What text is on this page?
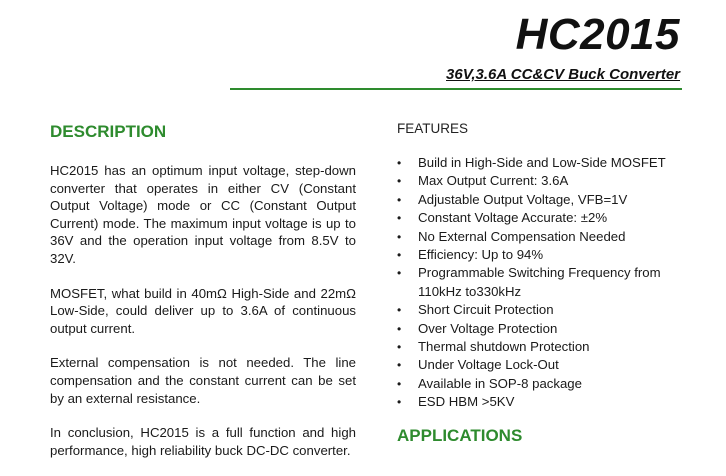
HC2015
36V,3.6A CC&CV Buck Converter
DESCRIPTION

HC2015 has an optimum input voltage, step-down converter that operates in either CV (Constant Output Voltage) mode or CC (Constant Output Current) mode. The maximum input voltage is up to 36V and the operation input voltage from 8.5V to 32V.

MOSFET, what build in 40mΩ High-Side and 22mΩ Low-Side, could deliver up to 3.6A of continuous output current.

External compensation is not needed. The line compensation and the constant current can be set by an external resistance.

In conclusion, HC2015 is a full function and high performance, high reliability buck DC-DC converter.

FEATURES
• Build in High-Side and Low-Side MOSFET
• Max Output Current: 3.6A
• Adjustable Output Voltage, VFB=1V
• Constant Voltage Accurate: ±2%
• No External Compensation Needed
• Efficiency: Up to 94%
• Programmable Switching Frequency from 110kHz to330kHz
• Short Circuit Protection
• Over Voltage Protection
• Thermal shutdown Protection
• Under Voltage Lock-Out
• Available in SOP-8 package
• ESD HBM >5KV
APPLICATIONS
